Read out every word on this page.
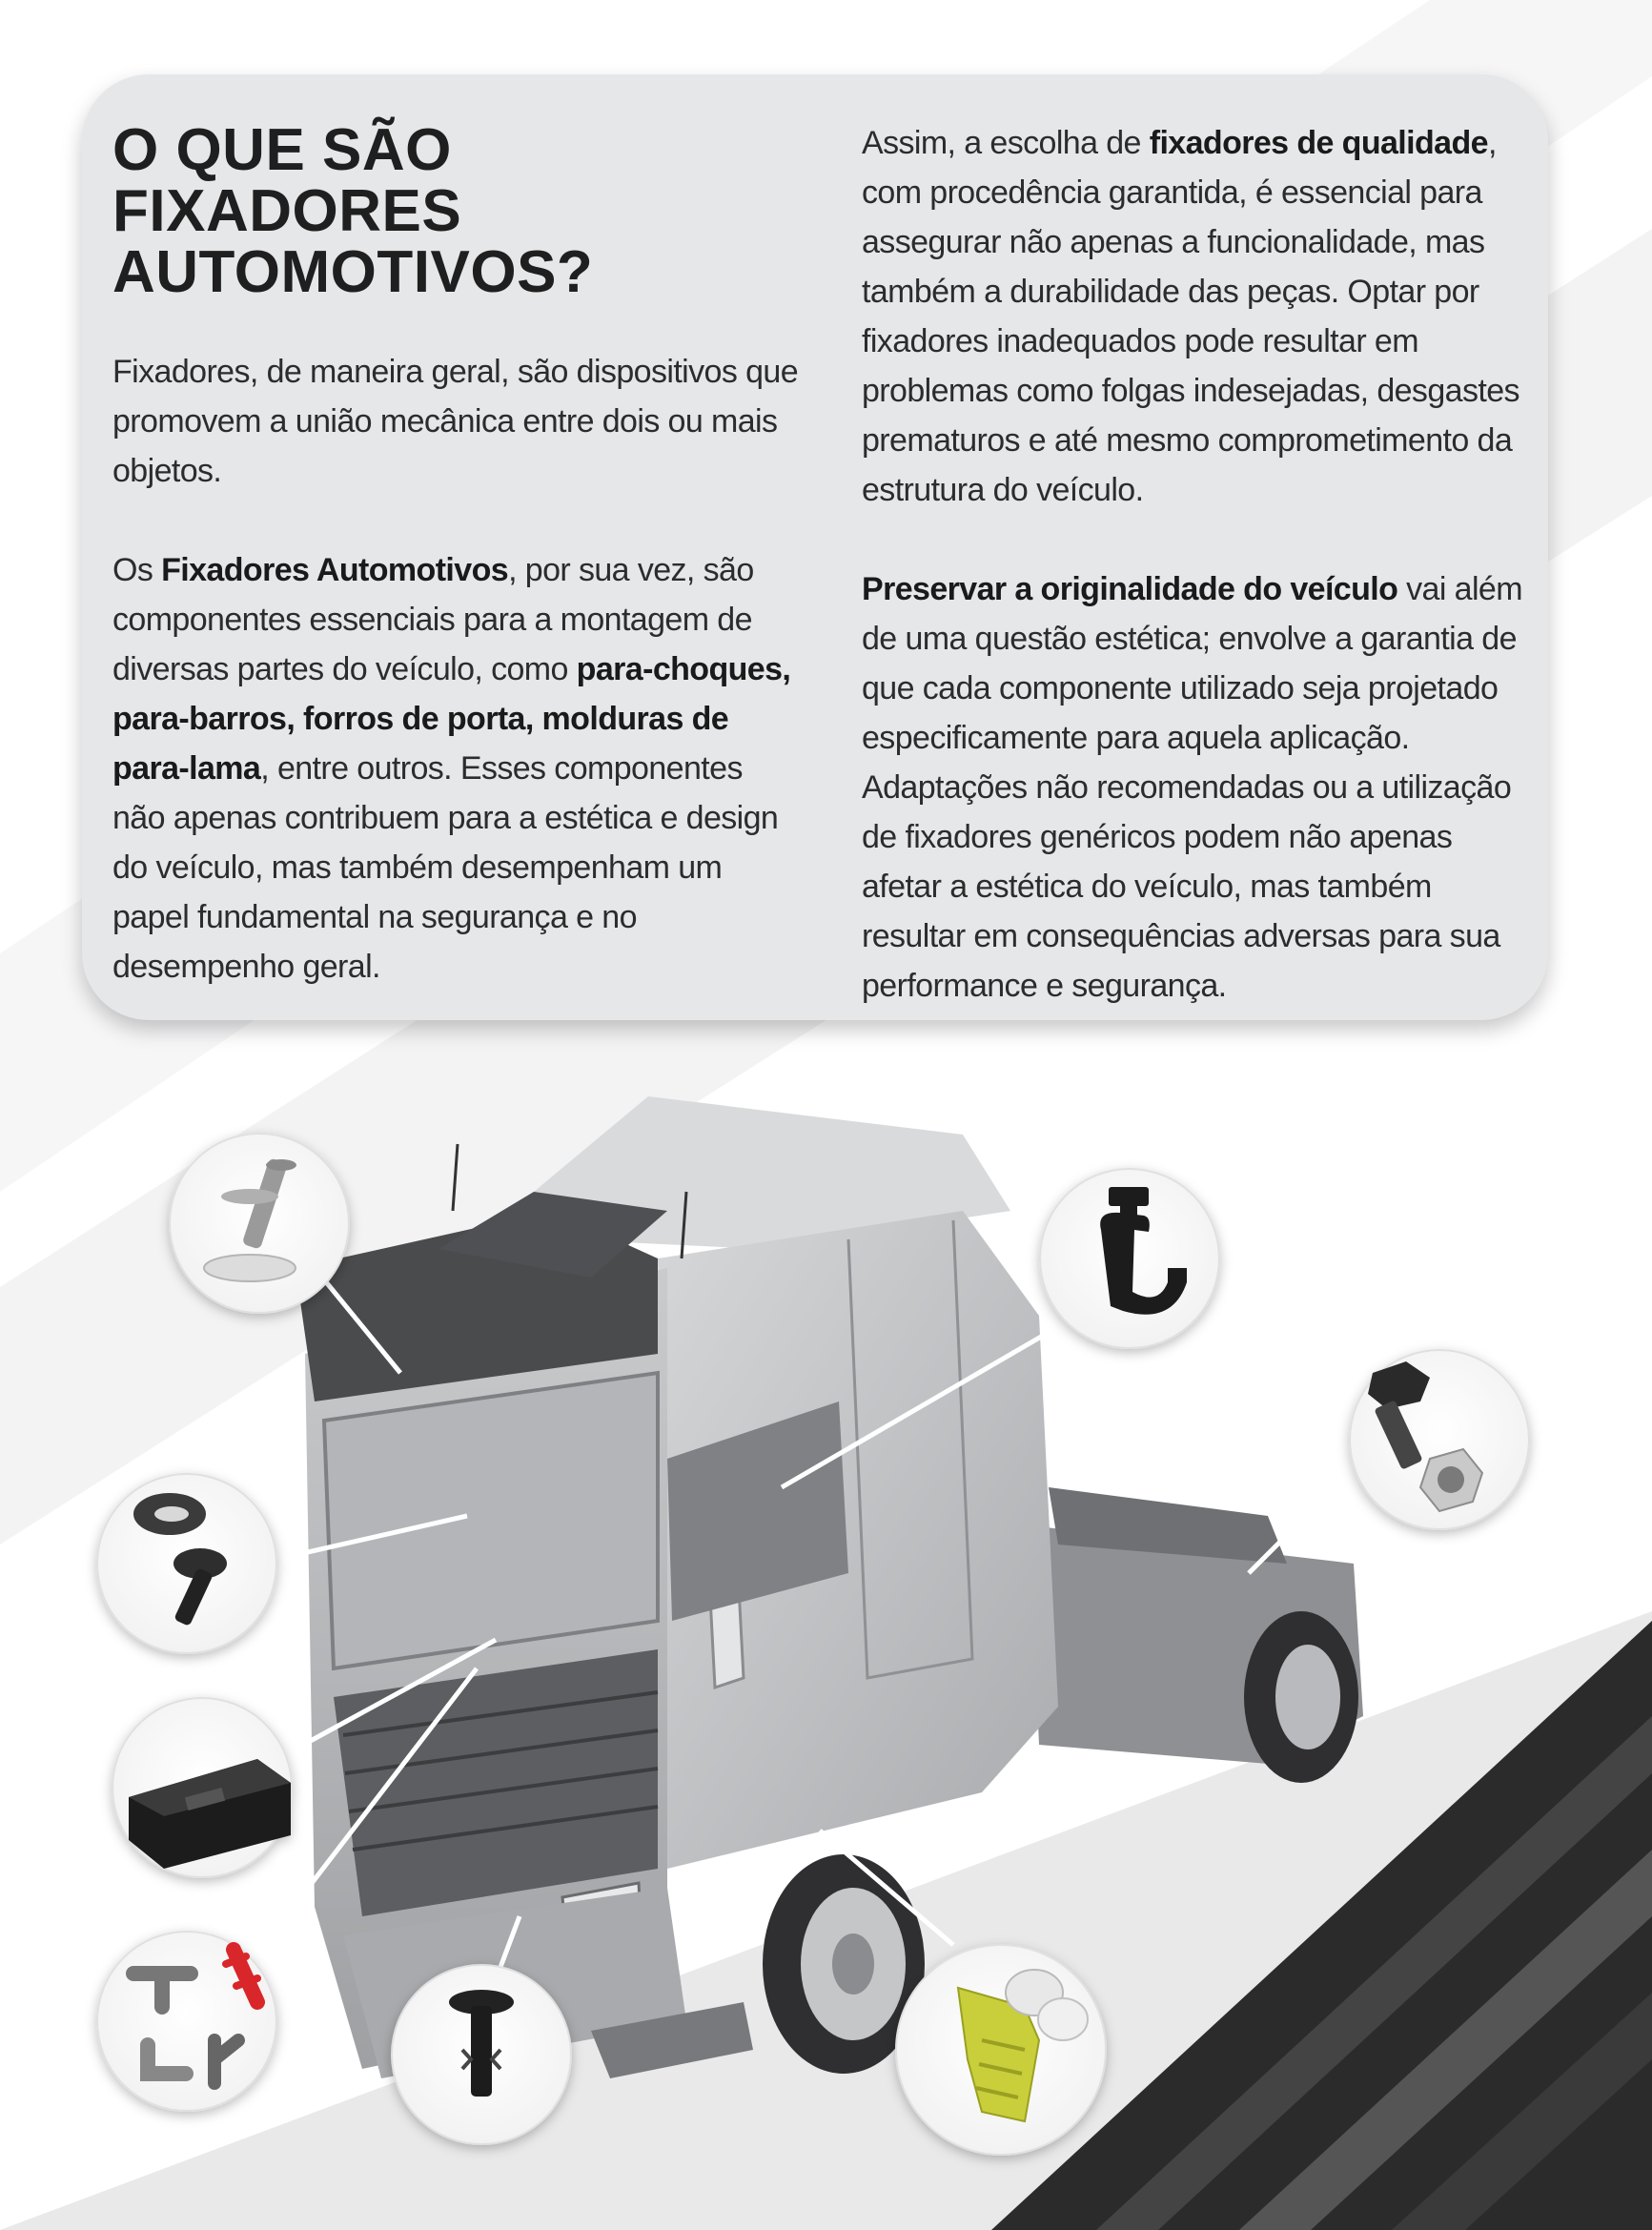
O QUE SÃO FIXADORES
AUTOMOTIVOS?

Fixadores, de maneira geral, são dispositivos que promovem a união mecânica entre dois ou mais objetos.

Os Fixadores Automotivos, por sua vez, são componentes essenciais para a montagem de diversas partes do veículo, como para-choques, para-barros, forros de porta, molduras de para-lama, entre outros. Esses componentes não apenas contribuem para a estética e design do veículo, mas também desempenham um papel fundamental na segurança e no desempenho geral.

Assim, a escolha de fixadores de qualidade, com procedência garantida, é essencial para assegurar não apenas a funcionalidade, mas também a durabilidade das peças. Optar por fixadores inadequados pode resultar em problemas como folgas indesejadas, desgastes prematuros e até mesmo comprometimento da estrutura do veículo.

Preservar a originalidade do veículo vai além de uma questão estética; envolve a garantia de que cada componente utilizado seja projetado especificamente para aquela aplicação. Adaptações não recomendadas ou a utilização de fixadores genéricos podem não apenas afetar a estética do veículo, mas também resultar em consequências adversas para sua performance e segurança.
